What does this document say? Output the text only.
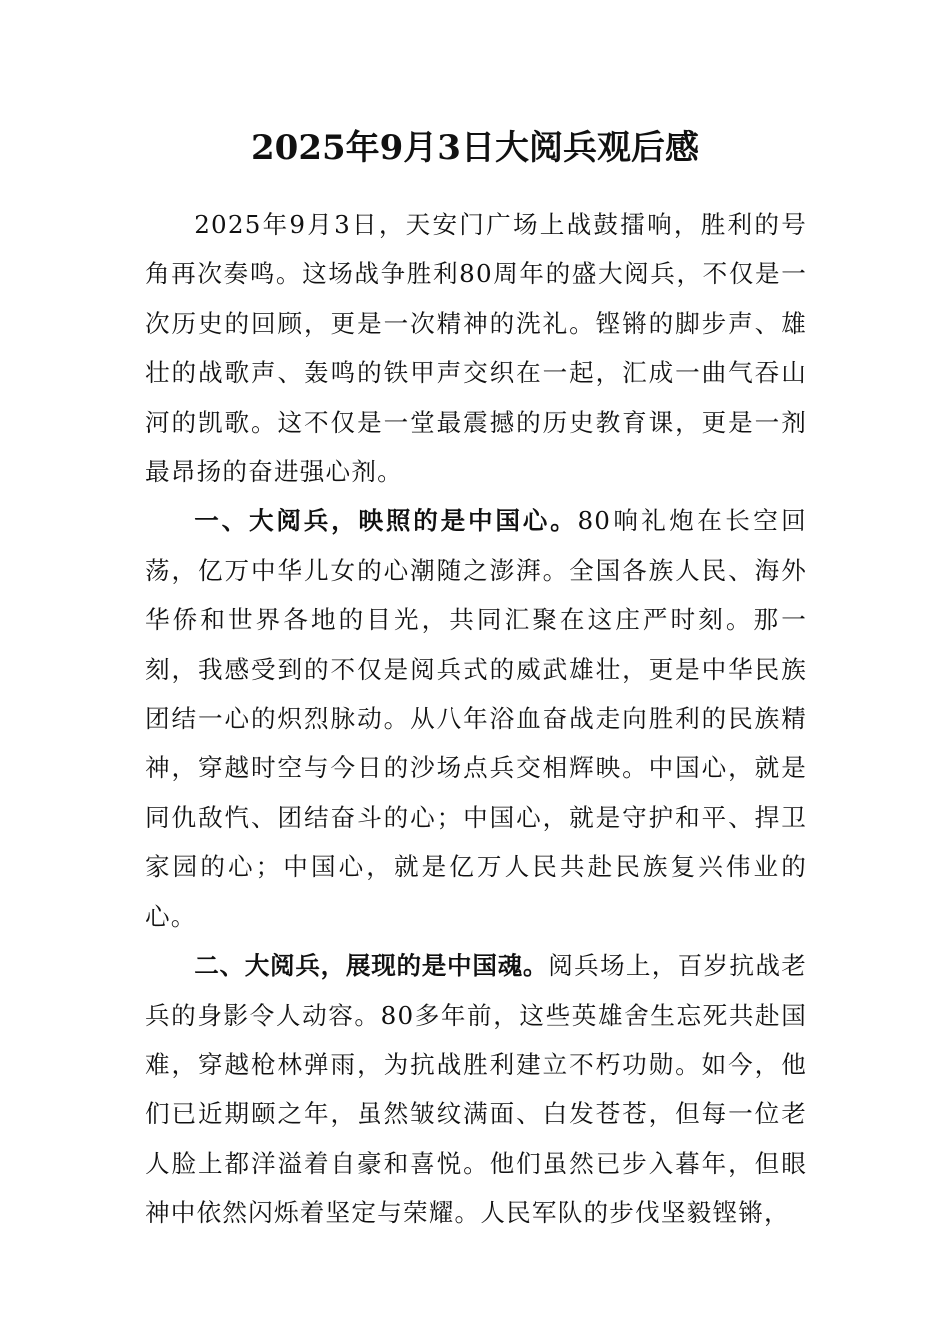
2025年9月3日大阅兵观后感

2025年9月3日，天安门广场上战鼓擂响，胜利的号角再次奏鸣。这场战争胜利80周年的盛大阅兵，不仅是一次历史的回顾，更是一次精神的洗礼。铿锵的脚步声、雄壮的战歌声、轰鸣的铁甲声交织在一起，汇成一曲气吞山河的凯歌。这不仅是一堂最震撼的历史教育课，更是一剂最昂扬的奋进强心剂。

一、大阅兵，映照的是中国心。80响礼炮在长空回荡，亿万中华儿女的心潮随之澎湃。全国各族人民、海外华侨和世界各地的目光，共同汇聚在这庄严时刻。那一刻，我感受到的不仅是阅兵式的威武雄壮，更是中华民族团结一心的炽烈脉动。从八年浴血奋战走向胜利的民族精神，穿越时空与今日的沙场点兵交相辉映。中国心，就是同仇敌忾、团结奋斗的心；中国心，就是守护和平、捍卫家园的心；中国心，就是亿万人民共赴民族复兴伟业的心。

二、大阅兵，展现的是中国魂。阅兵场上，百岁抗战老兵的身影令人动容。80多年前，这些英雄舍生忘死共赴国难，穿越枪林弹雨，为抗战胜利建立不朽功勋。如今，他们已近期颐之年，虽然皱纹满面、白发苍苍，但每一位老人脸上都洋溢着自豪和喜悦。他们虽然已步入暮年，但眼神中依然闪烁着坚定与荣耀。人民军队的步伐坚毅铿锵，
